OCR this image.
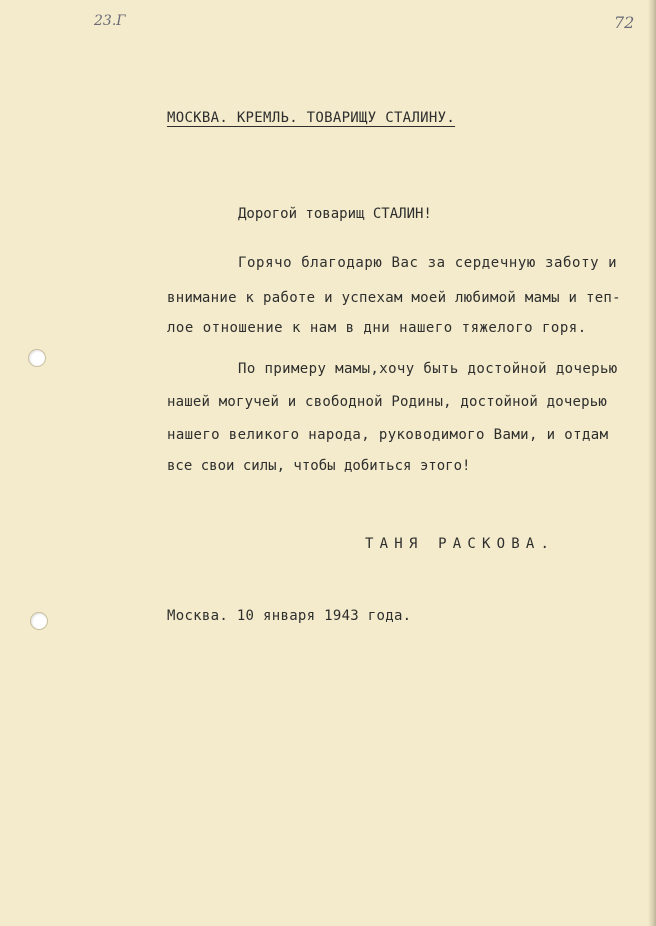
23.Г	72
МОСКВА. КРЕМЛЬ. ТОВАРИЩУ СТАЛИНУ.
Дорогой товарищ СТАЛИН!
Горячо благодарю Вас за сердечную заботу и
внимание к работе и успехам моей любимой мамы и теп-
лое отношение к нам в дни нашего тяжелого горя.
По примеру мамы,хочу быть достойной дочерью
нашей могучей и свободной Родины, достойной дочерью
нашего великого народа, руководимого Вами, и отдам
все свои силы, чтобы добиться этого!
ТАНЯ РАСКОВА.
Москва. 10 января 1943 года.
